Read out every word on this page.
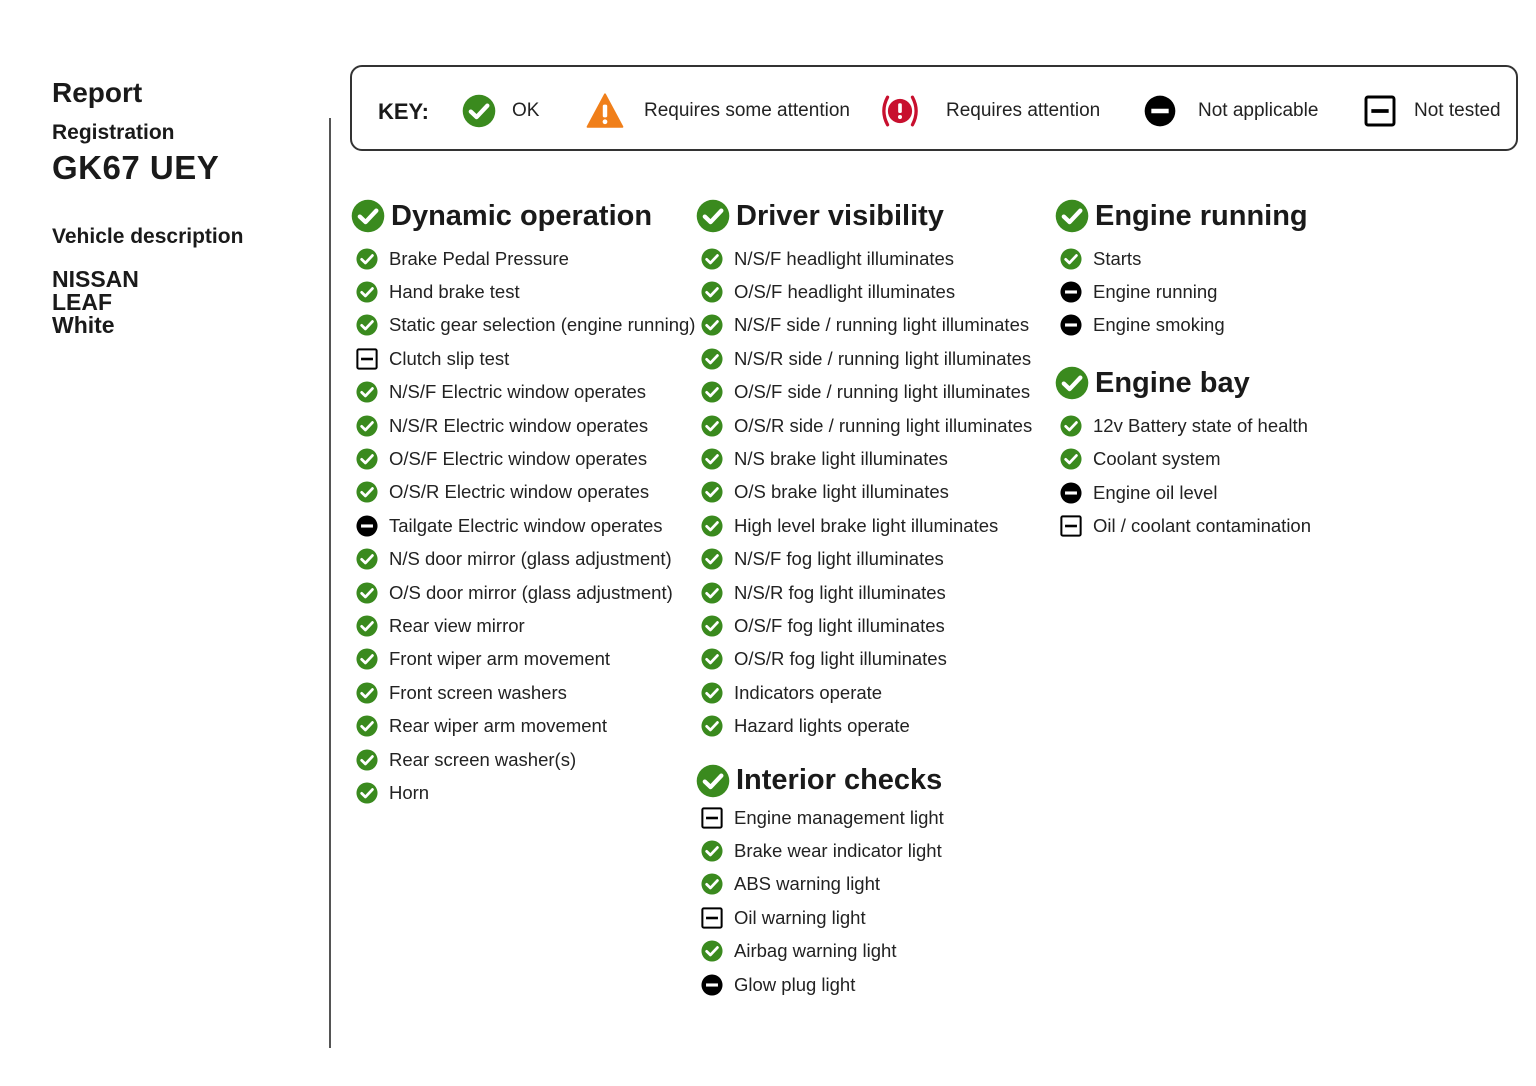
Report
Registration
GK67 UEY
Vehicle description
NISSAN
LEAF
White
KEY:	OK	Requires some attention	Requires attention	Not applicable	Not tested
Dynamic operation
Brake Pedal Pressure
Hand brake test
Static gear selection (engine running)
Clutch slip test
N/S/F Electric window operates
N/S/R Electric window operates
O/S/F Electric window operates
O/S/R Electric window operates
Tailgate Electric window operates
N/S door mirror (glass adjustment)
O/S door mirror (glass adjustment)
Rear view mirror
Front wiper arm movement
Front screen washers
Rear wiper arm movement
Rear screen washer(s)
Horn
Driver visibility
N/S/F headlight illuminates
O/S/F headlight illuminates
N/S/F side / running light illuminates
N/S/R side / running light illuminates
O/S/F side / running light illuminates
O/S/R side / running light illuminates
N/S brake light illuminates
O/S brake light illuminates
High level brake light illuminates
N/S/F fog light illuminates
N/S/R fog light illuminates
O/S/F fog light illuminates
O/S/R fog light illuminates
Indicators operate
Hazard lights operate
Interior checks
Engine management light
Brake wear indicator light
ABS warning light
Oil warning light
Airbag warning light
Glow plug light
Engine running
Starts
Engine running
Engine smoking
Engine bay
12v Battery state of health
Coolant system
Engine oil level
Oil / coolant contamination
